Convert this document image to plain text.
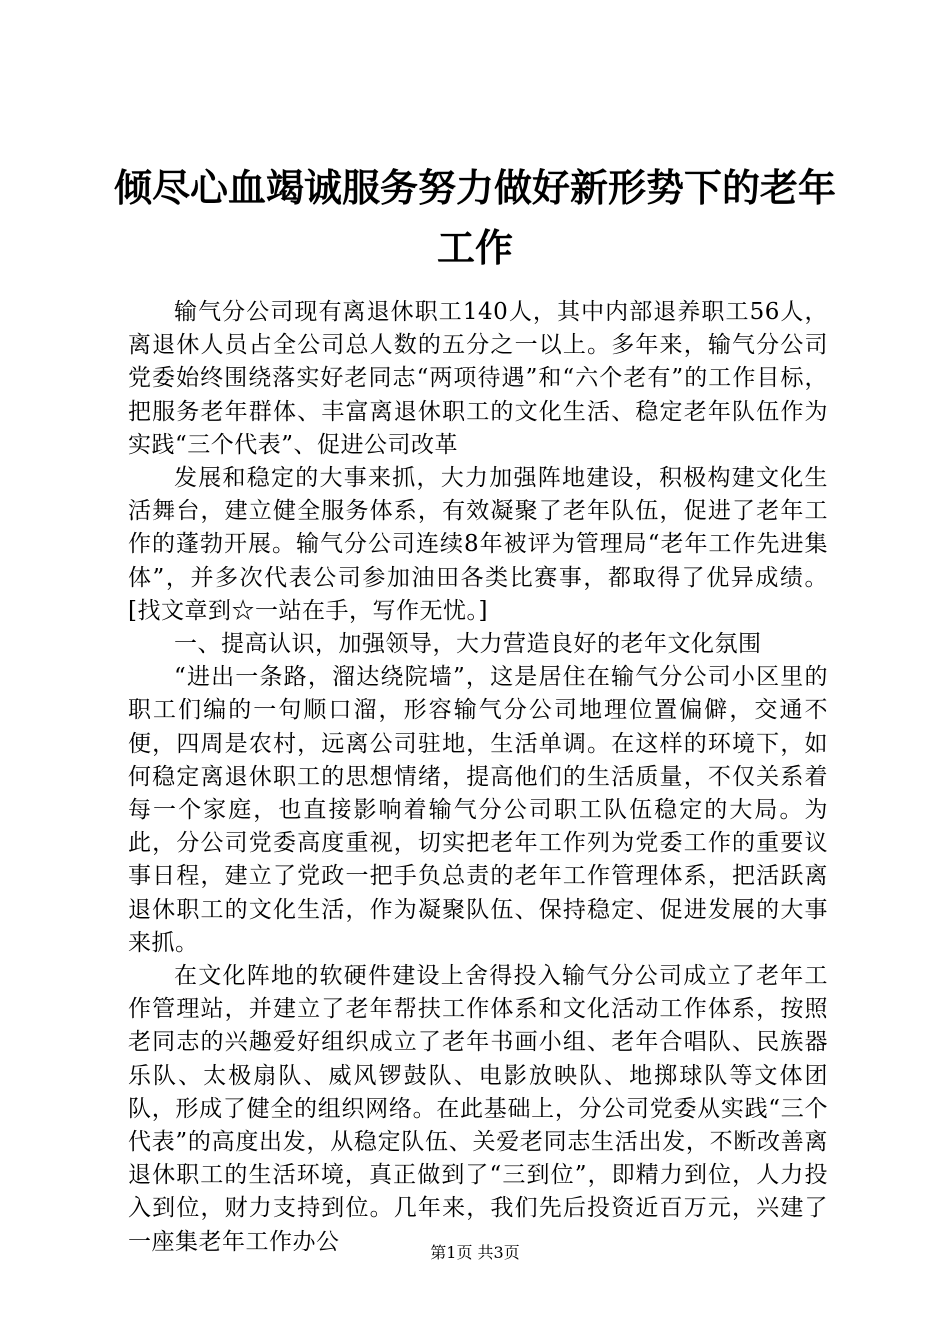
倾尽心血竭诚服务努力做好新形势下的老年工作

输气分公司现有离退休职工140人，其中内部退养职工56人，离退休人员占全公司总人数的五分之一以上。多年来，输气分公司党委始终围绕落实好老同志“两项待遇”和“六个老有”的工作目标，把服务老年群体、丰富离退休职工的文化生活、稳定老年队伍作为实践“三个代表”、促进公司改革

发展和稳定的大事来抓，大力加强阵地建设，积极构建文化生活舞台，建立健全服务体系，有效凝聚了老年队伍，促进了老年工作的蓬勃开展。输气分公司连续8年被评为管理局“老年工作先进集体”，并多次代表公司参加油田各类比赛事，都取得了优异成绩。[找文章到☆一站在手，写作无忧。]

一、提高认识，加强领导，大力营造良好的老年文化氛围

“进出一条路，溜达绕院墙”，这是居住在输气分公司小区里的职工们编的一句顺口溜，形容输气分公司地理位置偏僻，交通不便，四周是农村，远离公司驻地，生活单调。在这样的环境下，如何稳定离退休职工的思想情绪，提高他们的生活质量，不仅关系着每一个家庭，也直接影响着输气分公司职工队伍稳定的大局。为此，分公司党委高度重视，切实把老年工作列为党委工作的重要议事日程，建立了党政一把手负总责的老年工作管理体系，把活跃离退休职工的文化生活，作为凝聚队伍、保持稳定、促进发展的大事来抓。

在文化阵地的软硬件建设上舍得投入输气分公司成立了老年工作管理站，并建立了老年帮扶工作体系和文化活动工作体系，按照老同志的兴趣爱好组织成立了老年书画小组、老年合唱队、民族器乐队、太极扇队、威风锣鼓队、电影放映队、地掷球队等文体团队，形成了健全的组织网络。在此基础上，分公司党委从实践“三个代表”的高度出发，从稳定队伍、关爱老同志生活出发，不断改善离退休职工的生活环境，真正做到了“三到位”，即精力到位，人力投入到位，财力支持到位。几年来，我们先后投资近百万元，兴建了一座集老年工作办公	第1页 共3页
